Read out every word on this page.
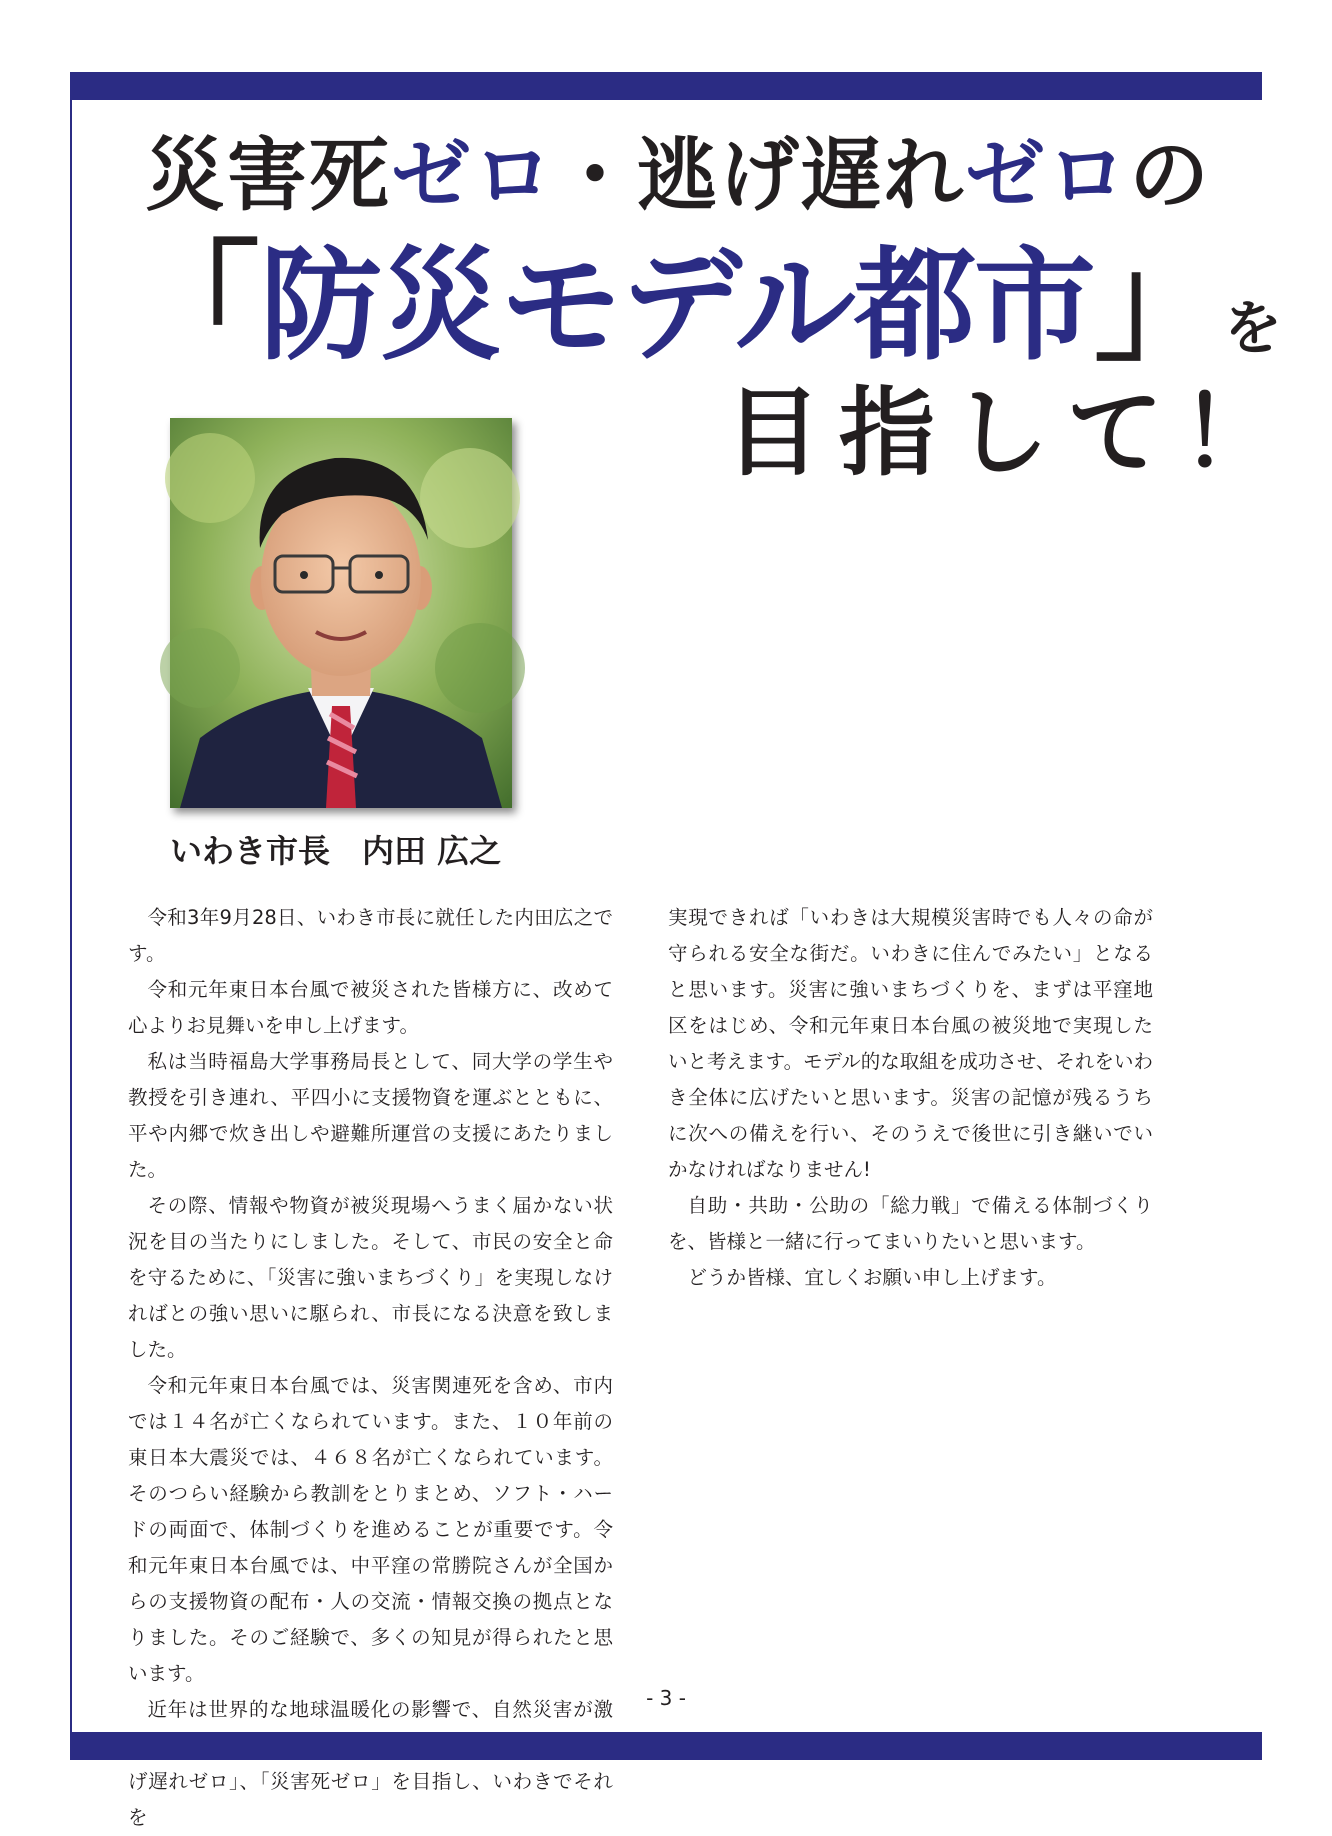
災害死ゼロ・逃げ遅れゼロの
「防災モデル都市」を
目指して！
いわき市長　内田 広之

令和3年9月28日、いわき市長に就任した内田広之です。

令和元年東日本台風で被災された皆様方に、改めて心よりお見舞いを申し上げます。

私は当時福島大学事務局長として、同大学の学生や教授を引き連れ、平四小に支援物資を運ぶとともに、平や内郷で炊き出しや避難所運営の支援にあたりました。

その際、情報や物資が被災現場へうまく届かない状況を目の当たりにしました。そして、市民の安全と命を守るために、「災害に強いまちづくり」を実現しなければとの強い思いに駆られ、市長になる決意を致しました。

令和元年東日本台風では、災害関連死を含め、市内では１４名が亡くなられています。また、１０年前の東日本大震災では、４６８名が亡くなられています。そのつらい経験から教訓をとりまとめ、ソフト・ハードの両面で、体制づくりを進めることが重要です。令和元年東日本台風では、中平窪の常勝院さんが全国からの支援物資の配布・人の交流・情報交換の拠点となりました。そのご経験で、多くの知見が得られたと思います。

近年は世界的な地球温暖化の影響で、自然災害が激 げ遅れゼロ」、「災害死ゼロ」を目指し、いわきでそれを

実現できれば「いわきは大規模災害時でも人々の命が守られる安全な街だ。いわきに住んでみたい」となると思います。災害に強いまちづくりを、まずは平窪地区をはじめ、令和元年東日本台風の被災地で実現したいと考えます。モデル的な取組を成功させ、それをいわき全体に広げたいと思います。災害の記憶が残るうちに次への備えを行い、そのうえで後世に引き継いでいかなければなりません!

自助・共助・公助の「総力戦」で備える体制づくりを、皆様と一緒に行ってまいりたいと思います。

どうか皆様、宜しくお願い申し上げます。

- 3 -
